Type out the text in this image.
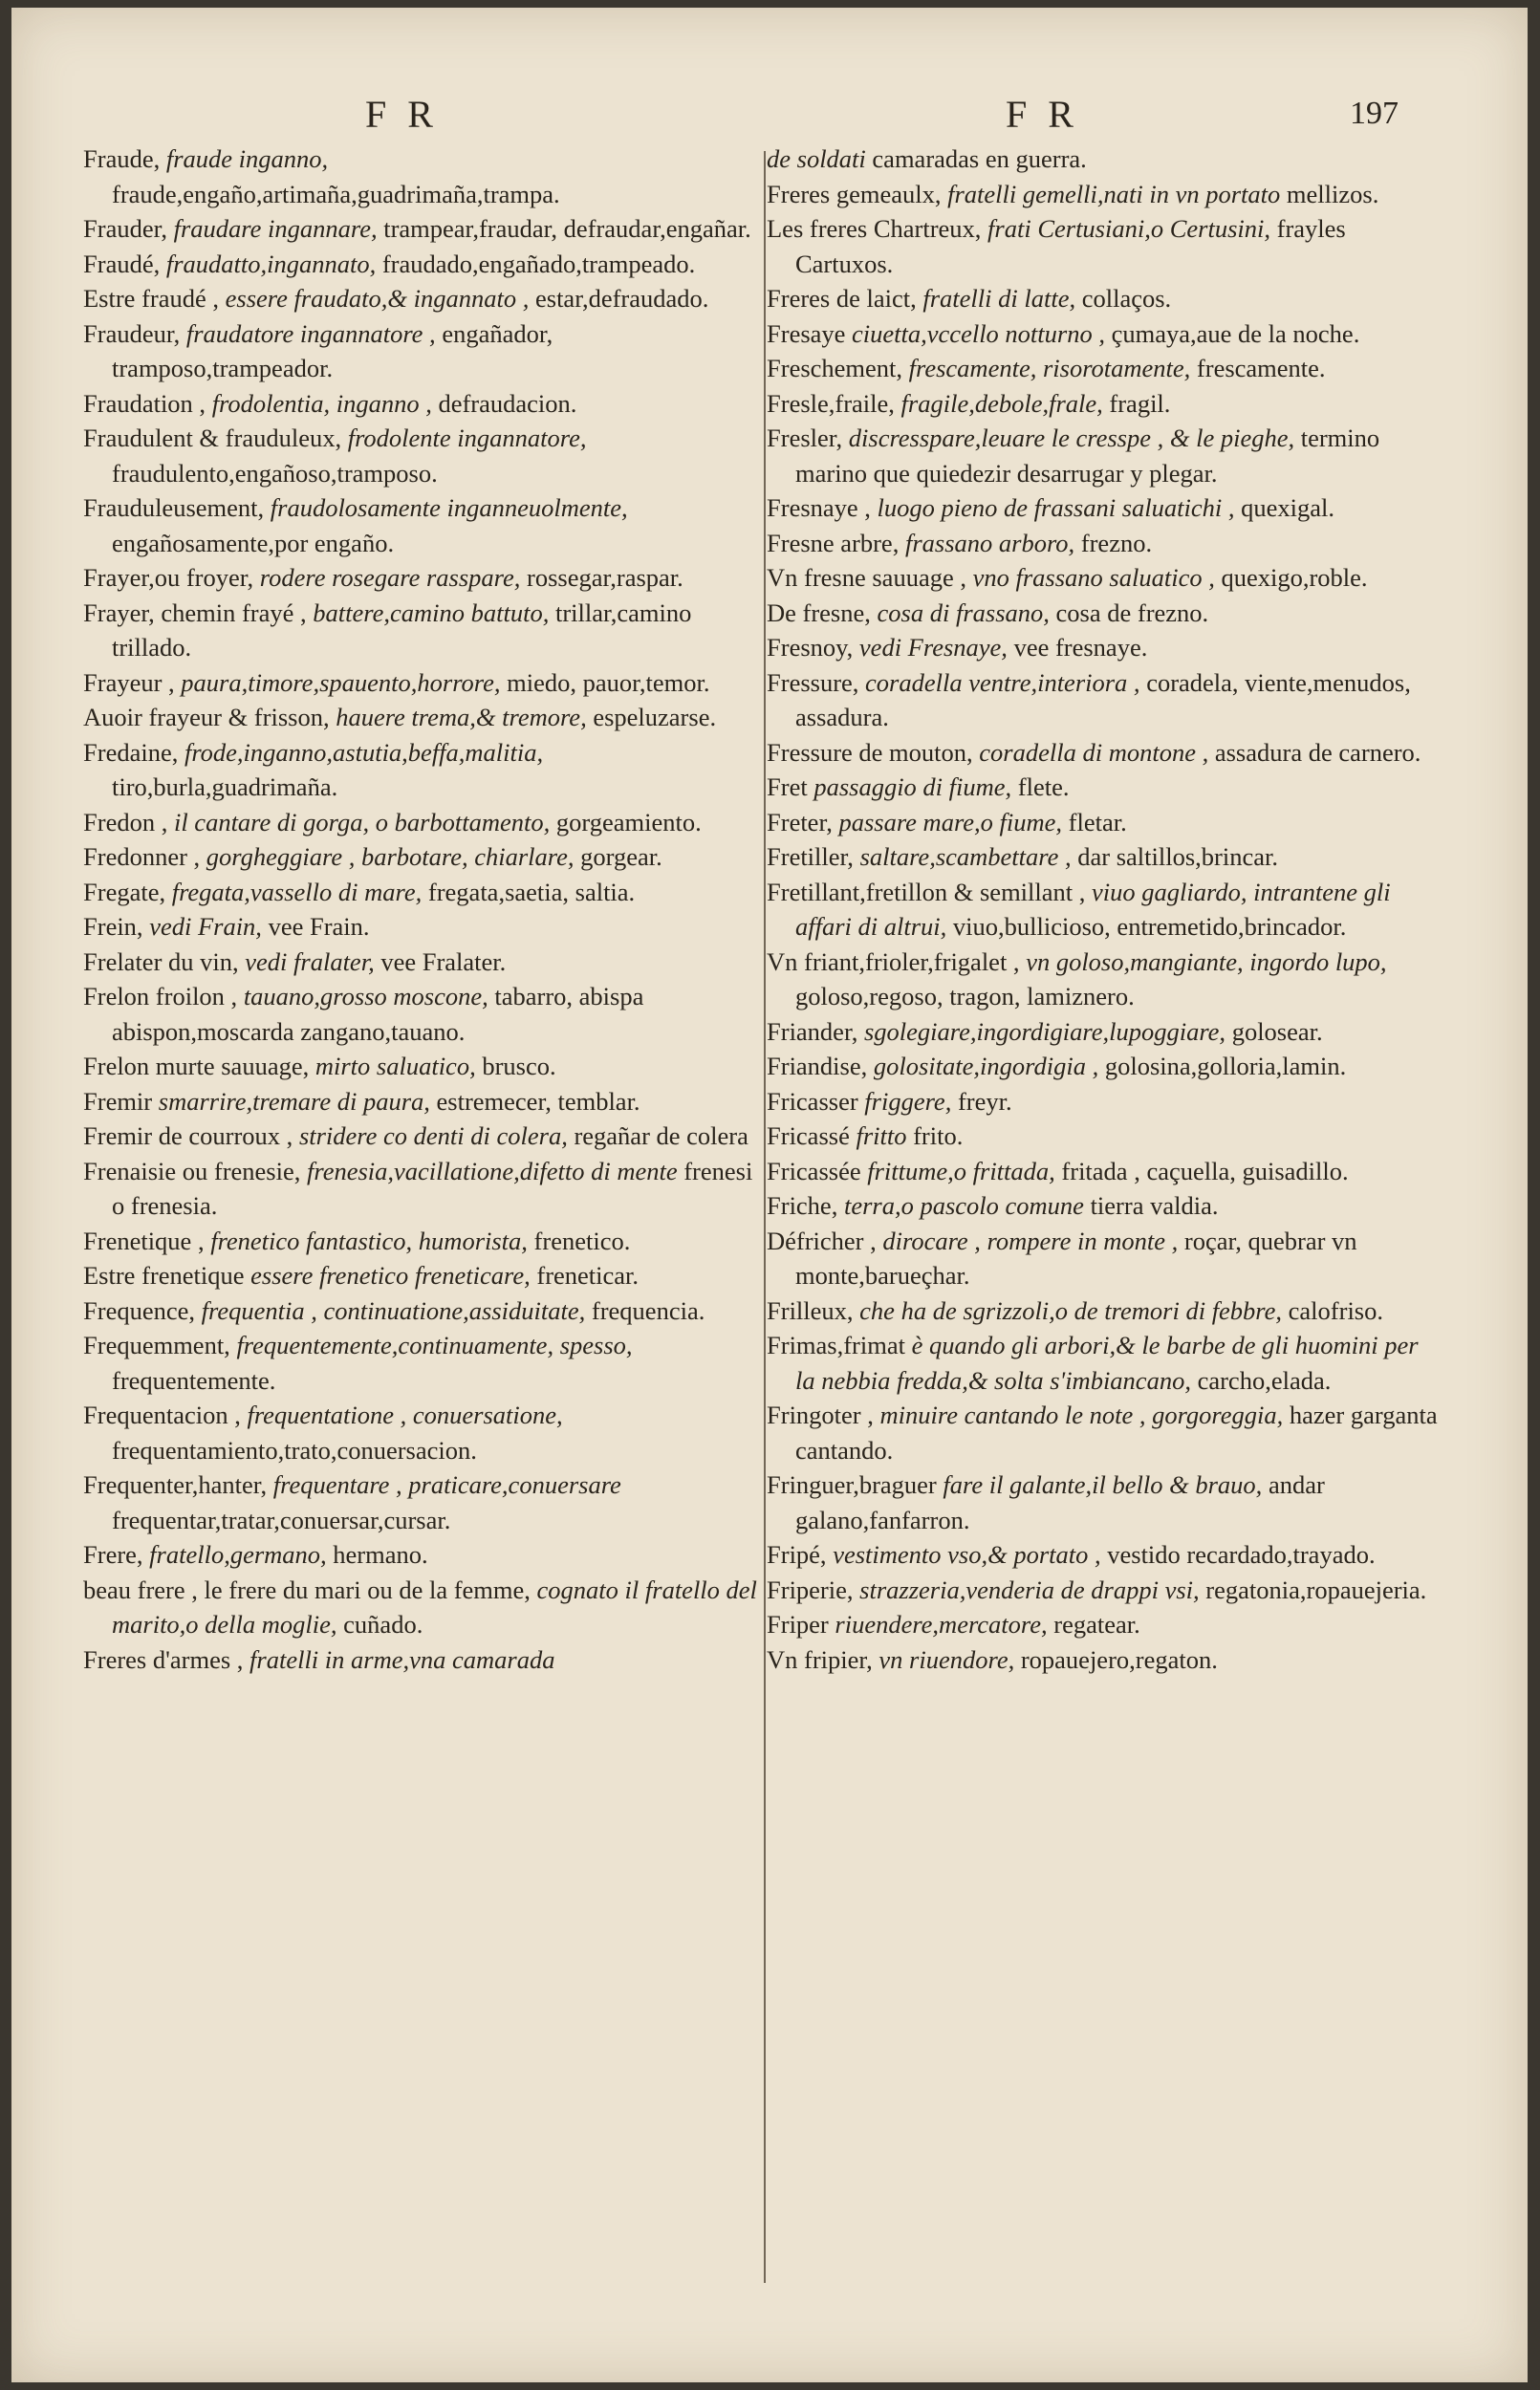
F R	F R	197

Fraude, fraude inganno, fraude,engaño,artimaña,guadrimaña,trampa.

Frauder, fraudare ingannare, trampear,fraudar, defraudar,engañar.

Fraudé, fraudatto,ingannato, fraudado,engañado,trampeado.

Estre fraudé , essere fraudato,& ingannato , estar,defraudado.

Fraudeur, fraudatore ingannatore , engañador, tramposo,trampeador.

Fraudation , frodolentia, inganno , defraudacion.

Fraudulent & frauduleux, frodolente ingannatore, fraudulento,engañoso,tramposo.

Frauduleusement, fraudolosamente inganneuolmente, engañosamente,por engaño.

Frayer,ou froyer, rodere rosegare rasspare, rossegar,raspar.

Frayer, chemin frayé , battere,camino battuto, trillar,camino trillado.

Frayeur , paura,timore,spauento,horrore, miedo, pauor,temor.

Auoir frayeur & frisson, hauere trema,& tremore, espeluzarse.

Fredaine, frode,inganno,astutia,beffa,malitia, tiro,burla,guadrimaña.

Fredon , il cantare di gorga, o barbottamento, gorgeamiento.

Fredonner , gorgheggiare , barbotare, chiarlare, gorgear.

Fregate, fregata,vassello di mare, fregata,saetia, saltia.

Frein, vedi Frain, vee Frain.

Frelater du vin, vedi fralater, vee Fralater.

Frelon froilon , tauano,grosso moscone, tabarro, abispa abispon,moscarda zangano,tauano.

Frelon murte sauuage, mirto saluatico, brusco.

Fremir smarrire,tremare di paura, estremecer, temblar.

Fremir de courroux , stridere co denti di colera, regañar de colera

Frenaisie ou frenesie, frenesia,vacillatione,difetto di mente frenesi o frenesia.

Frenetique , frenetico fantastico, humorista, frenetico.

Estre frenetique essere frenetico freneticare, freneticar.

Frequence, frequentia , continuatione,assiduitate, frequencia.

Frequemment, frequentemente,continuamente, spesso, frequentemente.

Frequentacion , frequentatione , conuersatione, frequentamiento,trato,conuersacion.

Frequenter,hanter, frequentare , praticare,conuersare frequentar,tratar,conuersar,cursar.

Frere, fratello,germano, hermano.

beau frere , le frere du mari ou de la femme, cognato il fratello del marito,o della moglie, cuñado.

Freres d'armes , fratelli in arme,vna camarada

de soldati camaradas en guerra.

Freres gemeaulx, fratelli gemelli,nati in vn portato mellizos.

Les freres Chartreux, frati Certusiani,o Certusini, frayles Cartuxos.

Freres de laict, fratelli di latte, collaços.

Fresaye ciuetta,vccello notturno , çumaya,aue de la noche.

Freschement, frescamente, risorotamente, frescamente.

Fresle,fraile, fragile,debole,frale, fragil.

Fresler, discresspare,leuare le cresspe , & le pieghe, termino marino que quiedezir desarrugar y plegar.

Fresnaye , luogo pieno de frassani saluatichi , quexigal.

Fresne arbre, frassano arboro, frezno.

Vn fresne sauuage , vno frassano saluatico , quexigo,roble.

De fresne, cosa di frassano, cosa de frezno.

Fresnoy, vedi Fresnaye, vee fresnaye.

Fressure, coradella ventre,interiora , coradela, viente,menudos, assadura.

Fressure de mouton, coradella di montone , assadura de carnero.

Fret passaggio di fiume, flete.

Freter, passare mare,o fiume, fletar.

Fretiller, saltare,scambettare , dar saltillos,brincar.

Fretillant,fretillon & semillant , viuo gagliardo, intrantene gli affari di altrui, viuo,bullicioso, entremetido,brincador.

Vn friant,frioler,frigalet , vn goloso,mangiante, ingordo lupo, goloso,regoso, tragon, lamiznero.

Friander, sgolegiare,ingordigiare,lupoggiare, golosear.

Friandise, golositate,ingordigia , golosina,golloria,lamin.

Fricasser friggere, freyr.

Fricassé fritto frito.

Fricassée frittume,o frittada, fritada , caçuella, guisadillo.

Friche, terra,o pascolo comune tierra valdia.

Défricher , dirocare , rompere in monte , roçar, quebrar vn monte,barueçhar.

Frilleux, che ha de sgrizzoli,o de tremori di febbre, calofriso.

Frimas,frimat è quando gli arbori,& le barbe de gli huomini per la nebbia fredda,& solta s'imbiancano, carcho,elada.

Fringoter , minuire cantando le note , gorgoreggia, hazer garganta cantando.

Fringuer,braguer fare il galante,il bello & brauo, andar galano,fanfarron.

Fripé, vestimento vso,& portato , vestido recardado,trayado.

Friperie, strazzeria,venderia de drappi vsi, regatonia,ropauejeria.

Friper riuendere,mercatore, regatear.

Vn fripier, vn riuendore, ropauejero,regaton.
